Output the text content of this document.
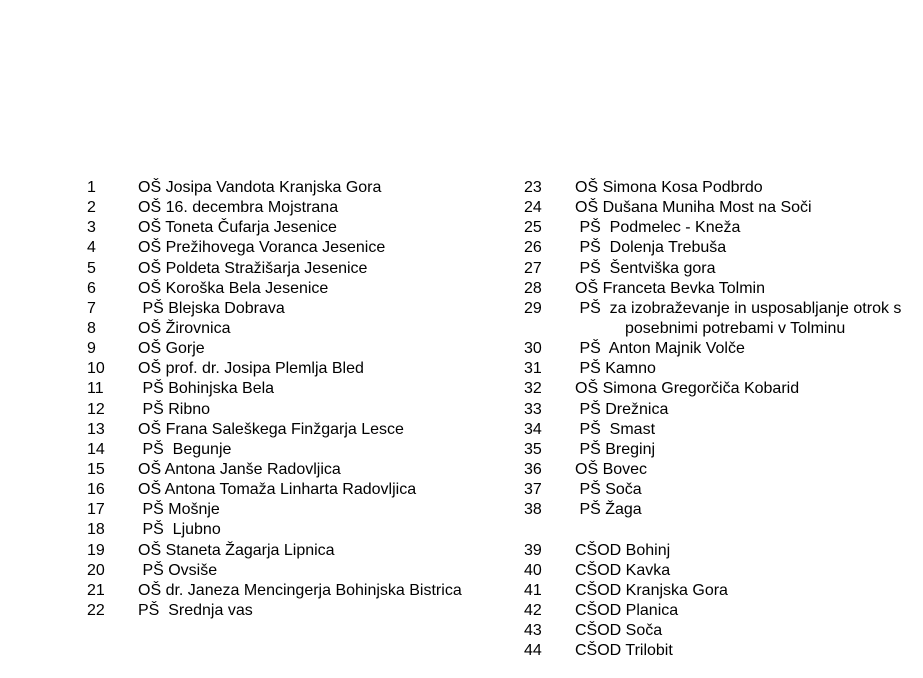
1	OŠ Josipa Vandota Kranjska Gora
2	OŠ 16. decembra Mojstrana
3	OŠ Toneta Čufarja Jesenice
4	OŠ Prežihovega Voranca Jesenice
5	OŠ Poldeta Stražišarja Jesenice
6	OŠ Koroška Bela Jesenice
7	PŠ Blejska Dobrava
8	OŠ Žirovnica
9	OŠ Gorje
10 OŠ prof. dr. Josipa Plemlja Bled
11 PŠ Bohinjska Bela
12 PŠ Ribno
13 OŠ Frana Saleškega Finžgarja Lesce
14 PŠ  Begunje
15 OŠ Antona Janše Radovljica
16 OŠ Antona Tomaža Linharta Radovljica
17 PŠ Mošnje
18 PŠ  Ljubno
19 OŠ Staneta Žagarja Lipnica
20 PŠ Ovsiše
21 OŠ dr. Janeza Mencingerja Bohinjska Bistrica
22 PŠ  Srednja vas
23 OŠ Simona Kosa Podbrdo
24 OŠ Dušana Muniha Most na Soči
25 PŠ  Podmelec - Kneža
26 PŠ  Dolenja Trebuša
27 PŠ  Šentviška gora
28 OŠ Franceta Bevka Tolmin
29 PŠ  za izobraževanje in usposabljanje otrok s
posebnimi potrebami v Tolminu
30 PŠ  Anton Majnik Volče
31 PŠ Kamno
32 OŠ Simona Gregorčiča Kobarid
33 PŠ Drežnica
34 PŠ  Smast
35 PŠ Breginj
36 OŠ Bovec
37 PŠ Soča
38 PŠ Žaga
39 CŠOD Bohinj
40 CŠOD Kavka
41 CŠOD Kranjska Gora
42 CŠOD Planica
43 CŠOD Soča
44 CŠOD Trilobit
